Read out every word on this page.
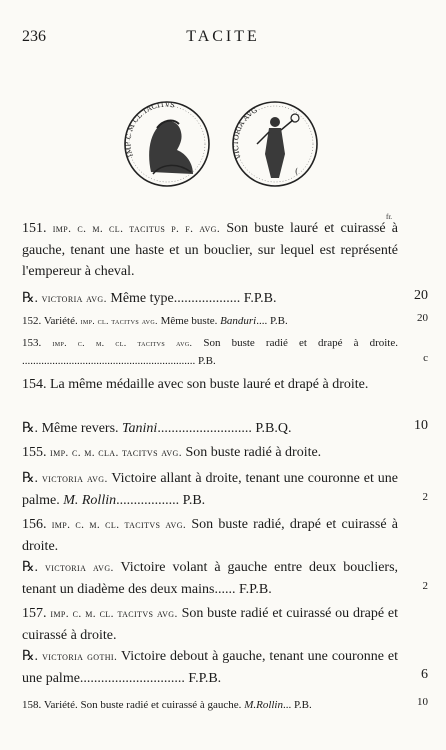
236	TACITE
IMP C M CL TACITVS
VICTORIA AVG
(
fr.
151. imp. c. m. cl. tacitus p. f. avg. Son buste lauré et cuirassé à gauche, tenant une haste et un bouclier, sur lequel est représenté l'empereur à cheval.
℞. victoria avg. Même type................... F.P.B.	20
152. Variété. imp. cl. tacitvs avg. Même buste. Banduri.... P.B.	20
153. imp. c. m. cl. tacitvs avg. Son buste radié et drapé à droite. ............................................................... P.B.	c
154. La même médaille avec son buste lauré et drapé à droite.
℞. Même revers. Tanini........................... P.B.Q.	10
155. imp. c. m. cla. tacitvs avg. Son buste radié à droite.
℞. victoria avg. Victoire allant à droite, tenant une couronne et une palme. M. Rollin.................. P.B.	2
156. imp. c. m. cl. tacitvs avg. Son buste radié, drapé et cuirassé à droite.
℞. victoria avg. Victoire volant à gauche entre deux boucliers, tenant un diadème des deux mains...... F.P.B.	2
157. imp. c. m. cl. tacitvs avg. Son buste radié et cuirassé ou drapé et cuirassé à droite.
℞. victoria gothi. Victoire debout à gauche, tenant une couronne et une palme.............................. F.P.B.	6
158. Variété. Son buste radié et cuirassé à gauche. M.Rollin... P.B.	10
